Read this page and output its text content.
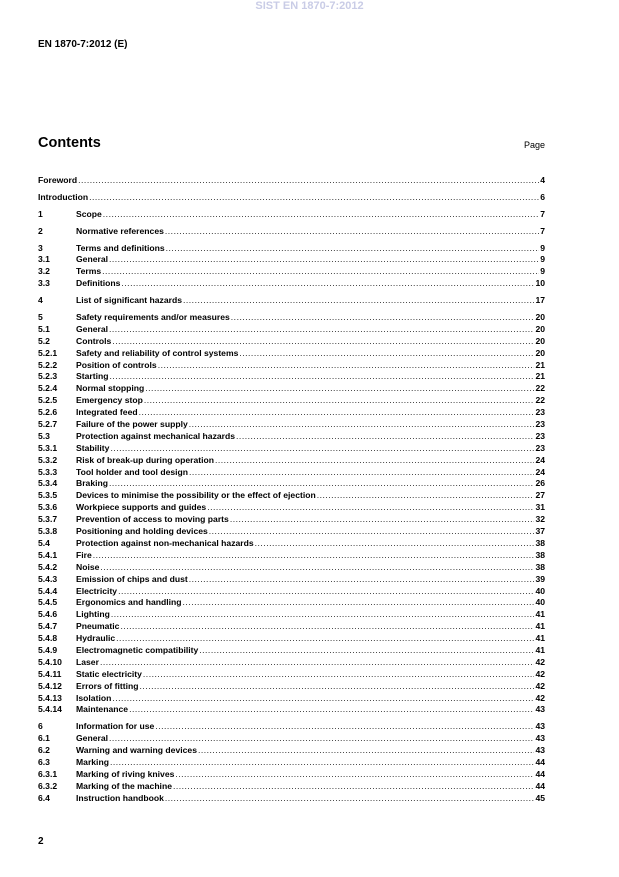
SIST EN 1870-7:2012
EN 1870-7:2012 (E)
Contents	Page
Foreword .....	4
Introduction .....	6
1	Scope .....	7
2	Normative references .....	7
3	Terms and definitions .....	9
3.1	General .....	9
3.2	Terms .....	9
3.3	Definitions .....	10
4	List of significant hazards .....	17
5	Safety requirements and/or measures .....	20
5.1	General .....	20
5.2	Controls .....	20
5.2.1	Safety and reliability of control systems .....	20
5.2.2	Position of controls .....	21
5.2.3	Starting .....	21
5.2.4	Normal stopping .....	22
5.2.5	Emergency stop .....	22
5.2.6	Integrated feed .....	23
5.2.7	Failure of the power supply .....	23
5.3	Protection against mechanical hazards .....	23
5.3.1	Stability .....	23
5.3.2	Risk of break-up during operation .....	24
5.3.3	Tool holder and tool design .....	24
5.3.4	Braking .....	26
5.3.5	Devices to minimise the possibility or the effect of ejection .....	27
5.3.6	Workpiece supports and guides .....	31
5.3.7	Prevention of access to moving parts .....	32
5.3.8	Positioning and holding devices .....	37
5.4	Protection against non-mechanical hazards .....	38
5.4.1	Fire .....	38
5.4.2	Noise .....	38
5.4.3	Emission of chips and dust .....	39
5.4.4	Electricity .....	40
5.4.5	Ergonomics and handling .....	40
5.4.6	Lighting .....	41
5.4.7	Pneumatic .....	41
5.4.8	Hydraulic .....	41
5.4.9	Electromagnetic compatibility .....	41
5.4.10	Laser .....	42
5.4.11	Static electricity .....	42
5.4.12	Errors of fitting .....	42
5.4.13	Isolation .....	42
5.4.14	Maintenance .....	43
6	Information for use .....	43
6.1	General .....	43
6.2	Warning and warning devices .....	43
6.3	Marking .....	44
6.3.1	Marking of riving knives .....	44
6.3.2	Marking of the machine .....	44
6.4	Instruction handbook .....	45
2
